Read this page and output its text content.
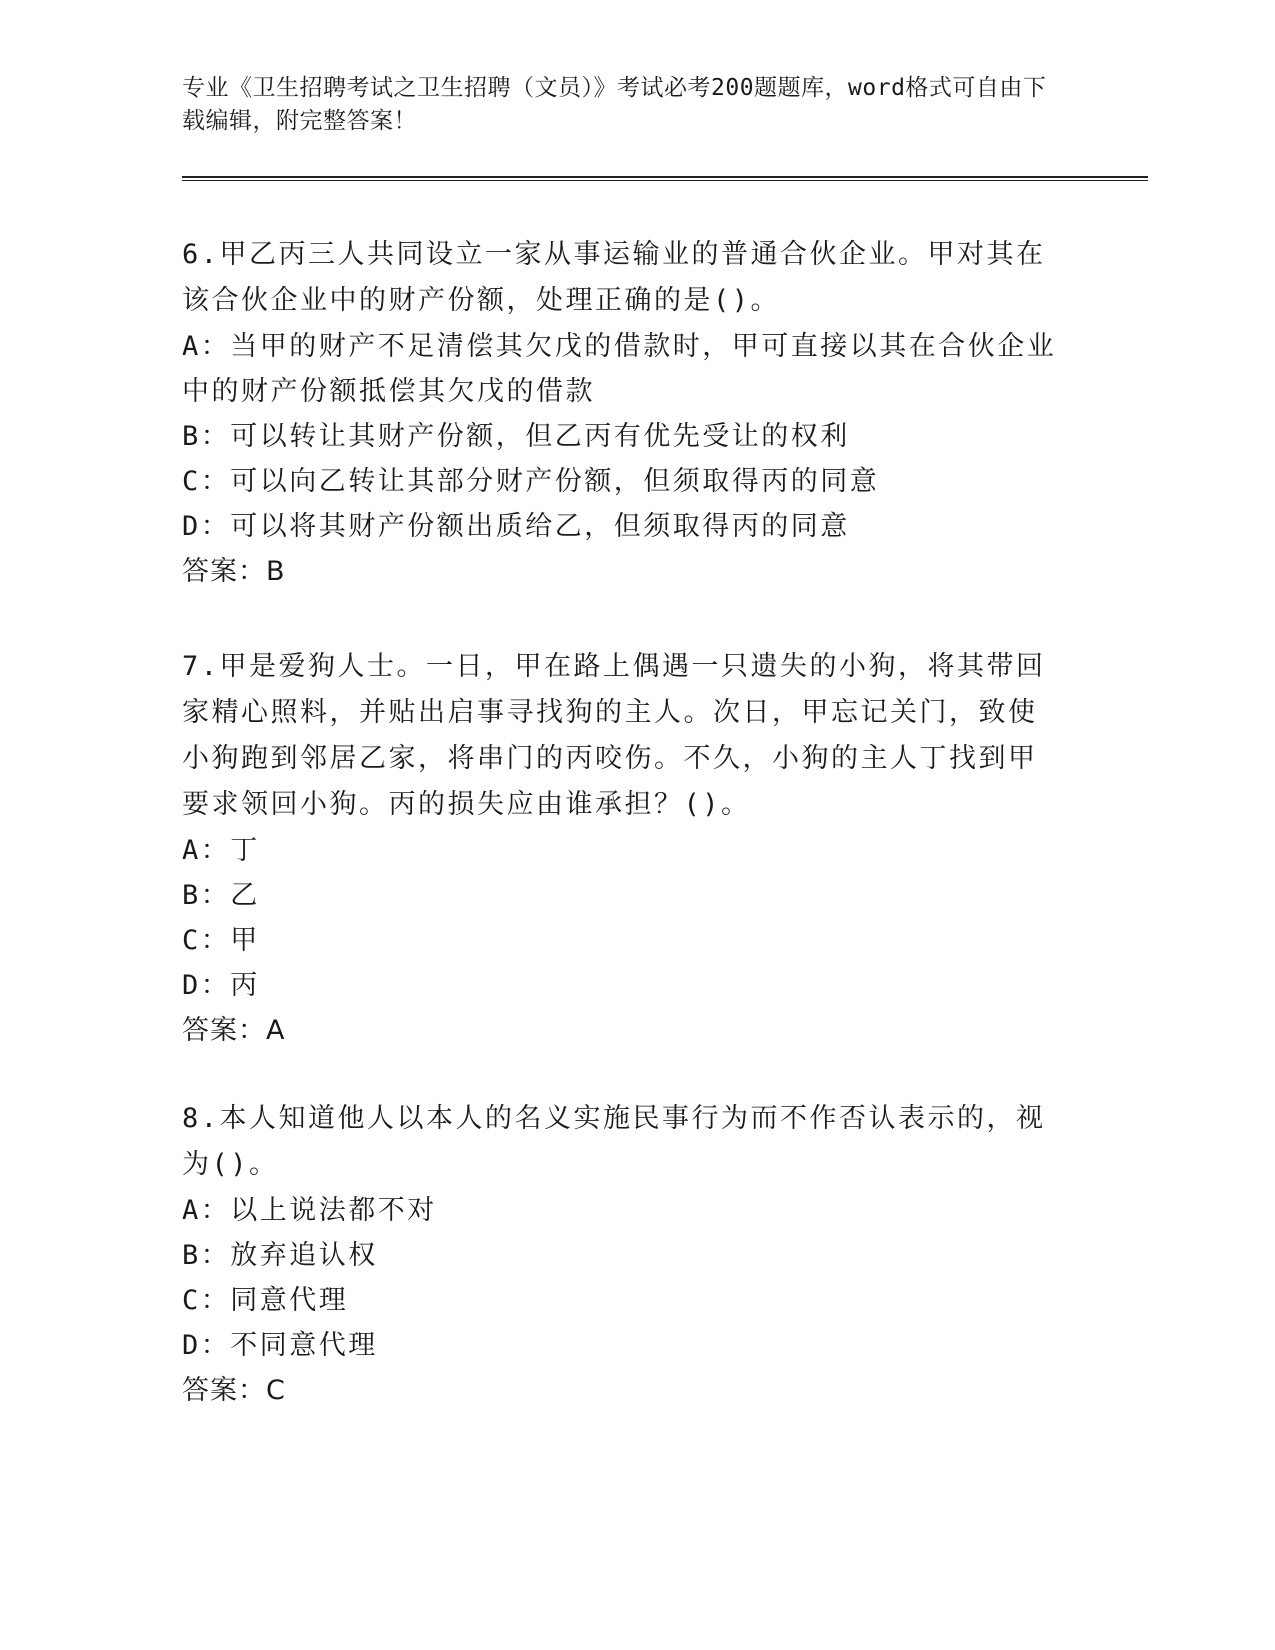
专业《卫生招聘考试之卫生招聘（文员）》考试必考200题题库，word格式可自由下载编辑，附完整答案！

6.甲乙丙三人共同设立一家从事运输业的普通合伙企业。甲对其在该合伙企业中的财产份额，处理正确的是()。

A：当甲的财产不足清偿其欠戊的借款时，甲可直接以其在合伙企业中的财产份额抵偿其欠戊的借款

B：可以转让其财产份额，但乙丙有优先受让的权利

C：可以向乙转让其部分财产份额，但须取得丙的同意

D：可以将其财产份额出质给乙，但须取得丙的同意

答案：B

7.甲是爱狗人士。一日，甲在路上偶遇一只遗失的小狗，将其带回家精心照料，并贴出启事寻找狗的主人。次日，甲忘记关门，致使小狗跑到邻居乙家，将串门的丙咬伤。不久，小狗的主人丁找到甲要求领回小狗。丙的损失应由谁承担？()。

A：丁

B：乙

C：甲

D：丙

答案：A

8.本人知道他人以本人的名义实施民事行为而不作否认表示的，视为()。

A：以上说法都不对

B：放弃追认权

C：同意代理

D：不同意代理

答案：C
